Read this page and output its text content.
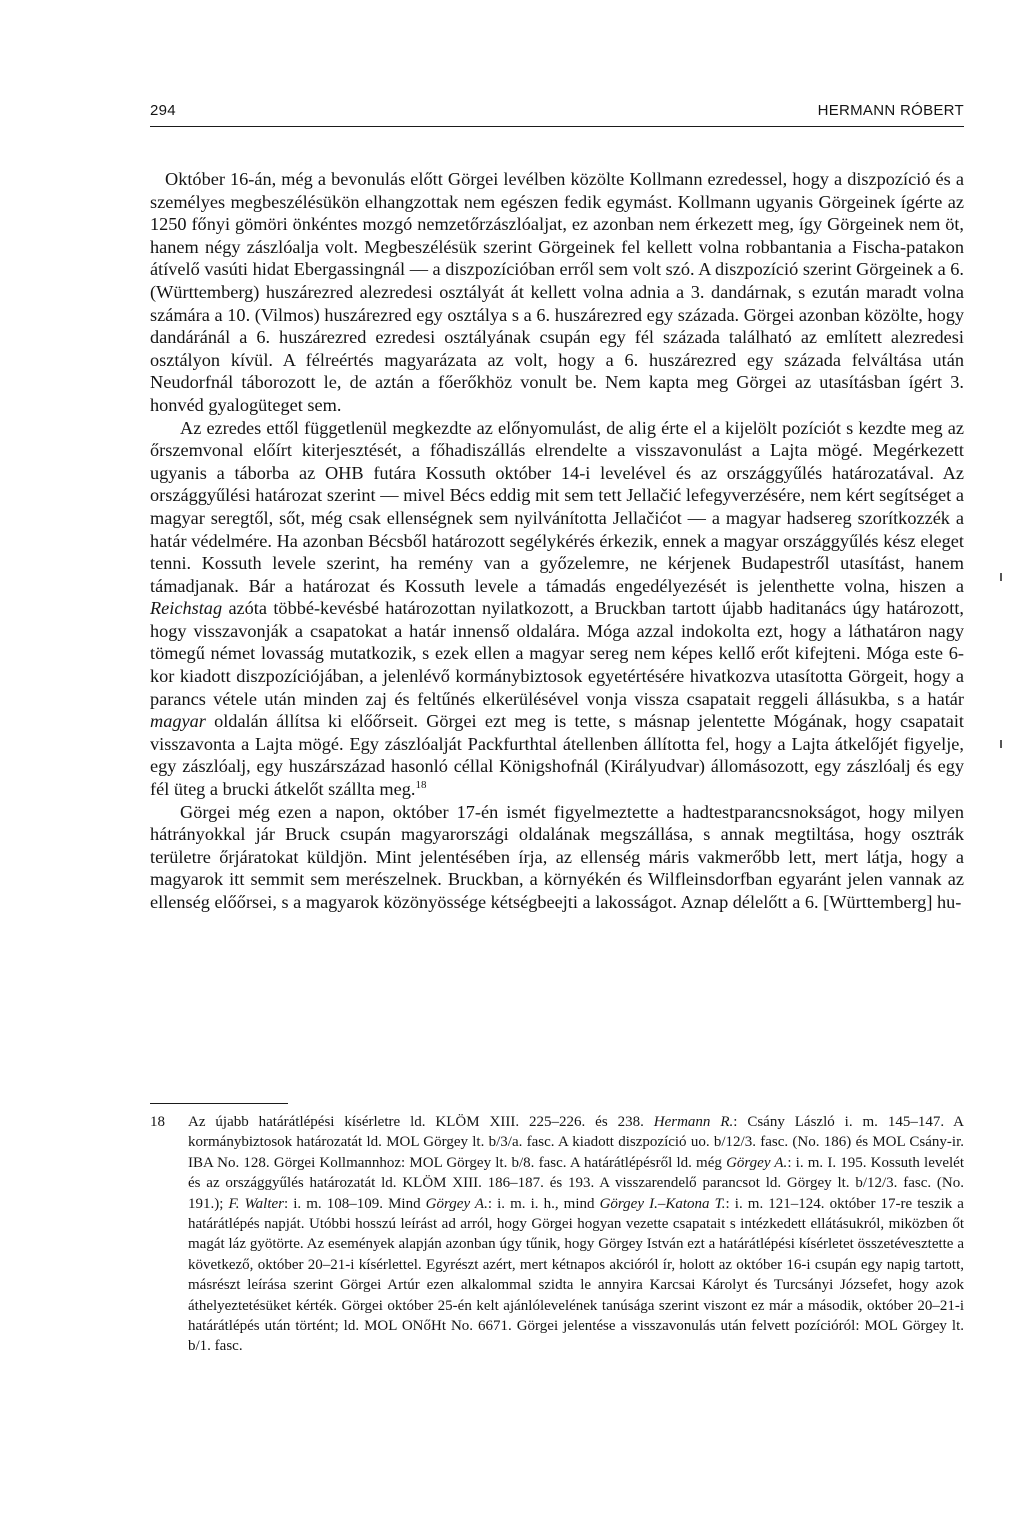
294	HERMANN RÓBERT

Október 16-án, még a bevonulás előtt Görgei levélben közölte Kollmann ezredessel, hogy a diszpozíció és a személyes megbeszélésükön elhangzottak nem egészen fedik egymást. Kollmann ugyanis Görgeinek ígérte az 1250 főnyi gömöri önkéntes mozgó nemzetőrzászlóaljat, ez azonban nem érkezett meg, így Görgeinek nem öt, hanem négy zászlóalja volt. Megbeszélésük szerint Görgeinek fel kellett volna robbantania a Fischa-patakon átívelő vasúti hidat Ebergassingnál — a diszpozícióban erről sem volt szó. A diszpozíció szerint Görgeinek a 6. (Württemberg) huszárezred alezredesi osztályát át kellett volna adnia a 3. dandárnak, s ezután maradt volna számára a 10. (Vilmos) huszárezred egy osztálya s a 6. huszárezred egy százada. Görgei azonban közölte, hogy dandáránál a 6. huszárezred ezredesi osztályának csupán egy fél százada található az említett alezredesi osztályon kívül. A félreértés magyarázata az volt, hogy a 6. huszárezred egy százada felváltása után Neudorfnál táborozott le, de aztán a főerőkhöz vonult be. Nem kapta meg Görgei az utasításban ígért 3. honvéd gyalogüteget sem.

Az ezredes ettől függetlenül megkezdte az előnyomulást, de alig érte el a kijelölt pozíciót s kezdte meg az őrszemvonal előírt kiterjesztését, a főhadiszállás elrendelte a visszavonulást a Lajta mögé. Megérkezett ugyanis a táborba az OHB futára Kossuth október 14-i levelével és az országgyűlés határozatával. Az országgyűlési határozat szerint — mivel Bécs eddig mit sem tett Jellačić lefegyverzésére, nem kért segítséget a magyar seregtől, sőt, még csak ellenségnek sem nyilvánította Jellačićot — a magyar hadsereg szorítkozzék a határ védelmére. Ha azonban Bécsből határozott segélykérés érkezik, ennek a magyar országgyűlés kész eleget tenni. Kossuth levele szerint, ha remény van a győzelemre, ne kérjenek Budapestről utasítást, hanem támadjanak. Bár a határozat és Kossuth levele a támadás engedélyezését is jelenthette volna, hiszen a Reichstag azóta többé-kevésbé határozottan nyilatkozott, a Bruckban tartott újabb haditanács úgy határozott, hogy visszavonják a csapatokat a határ innenső oldalára. Móga azzal indokolta ezt, hogy a láthatáron nagy tömegű német lovasság mutatkozik, s ezek ellen a magyar sereg nem képes kellő erőt kifejteni. Móga este 6-kor kiadott diszpozíciójában, a jelenlévő kormánybiztosok egyetértésére hivatkozva utasította Görgeit, hogy a parancs vétele után minden zaj és feltűnés elkerülésével vonja vissza csapatait reggeli állásukba, s a határ magyar oldalán állítsa ki előőrseit. Görgei ezt meg is tette, s másnap jelentette Mógának, hogy csapatait visszavonta a Lajta mögé. Egy zászlóalját Packfurthtal átellenben állította fel, hogy a Lajta átkelőjét figyelje, egy zászlóalj, egy huszárszázad hasonló céllal Königshofnál (Királyudvar) állomásozott, egy zászlóalj és egy fél üteg a brucki átkelőt szállta meg.$^{18}$

Görgei még ezen a napon, október 17-én ismét figyelmeztette a hadtestparancsnokságot, hogy milyen hátrányokkal jár Bruck csupán magyarországi oldalának megszállása, s annak megtiltása, hogy osztrák területre őrjáratokat küldjön. Mint jelentésében írja, az ellenség máris vakmerőbb lett, mert látja, hogy a magyarok itt semmit sem merészelnek. Bruckban, a környékén és Wilfleinsdorfban egyaránt jelen vannak az ellenség előőrsei, s a magyarok közönyössége kétségbeejti a lakosságot. Aznap délelőtt a 6. [Württemberg] hu-

18 Az újabb határátlépési kísérletre ld. KLÖM XIII. 225–226. és 238. Hermann R.: Csány László i. m. 145–147. A kormánybiztosok határozatát ld. MOL Görgey lt. b/3/a. fasc. A kiadott diszpozíció uo. b/12/3. fasc. (No. 186) és MOL Csány-ir. IBA No. 128. Görgei Kollmannhoz: MOL Görgey lt. b/8. fasc. A határátlépésről ld. még Görgey A.: i. m. I. 195. Kossuth levelét és az országgyűlés határozatát ld. KLÖM XIII. 186–187. és 193. A visszarendelő parancsot ld. Görgey lt. b/12/3. fasc. (No. 191.); F. Walter: i. m. 108–109. Mind Görgey A.: i. m. i. h., mind Görgey I.–Katona T.: i. m. 121–124. október 17-re teszik a határátlépés napját. Utóbbi hosszú leírást ad arról, hogy Görgei hogyan vezette csapatait s intézkedett ellátásukról, miközben őt magát láz gyötörte. Az események alapján azonban úgy tűnik, hogy Görgey István ezt a határátlépési kísérletet összetévesztette a következő, október 20–21-i kísérlettel. Egyrészt azért, mert kétnapos akcióról ír, holott az október 16-i csupán egy napig tartott, másrészt leírása szerint Görgei Artúr ezen alkalommal szidta le annyira Karcsai Károlyt és Turcsányi Józsefet, hogy azok áthelyeztetésüket kérték. Görgei október 25-én kelt ajánlólevelének tanúsága szerint viszont ez már a második, október 20–21-i határátlépés után történt; ld. MOL ONőHt No. 6671. Görgei jelentése a visszavonulás után felvett pozícióról: MOL Görgey lt. b/1. fasc.
